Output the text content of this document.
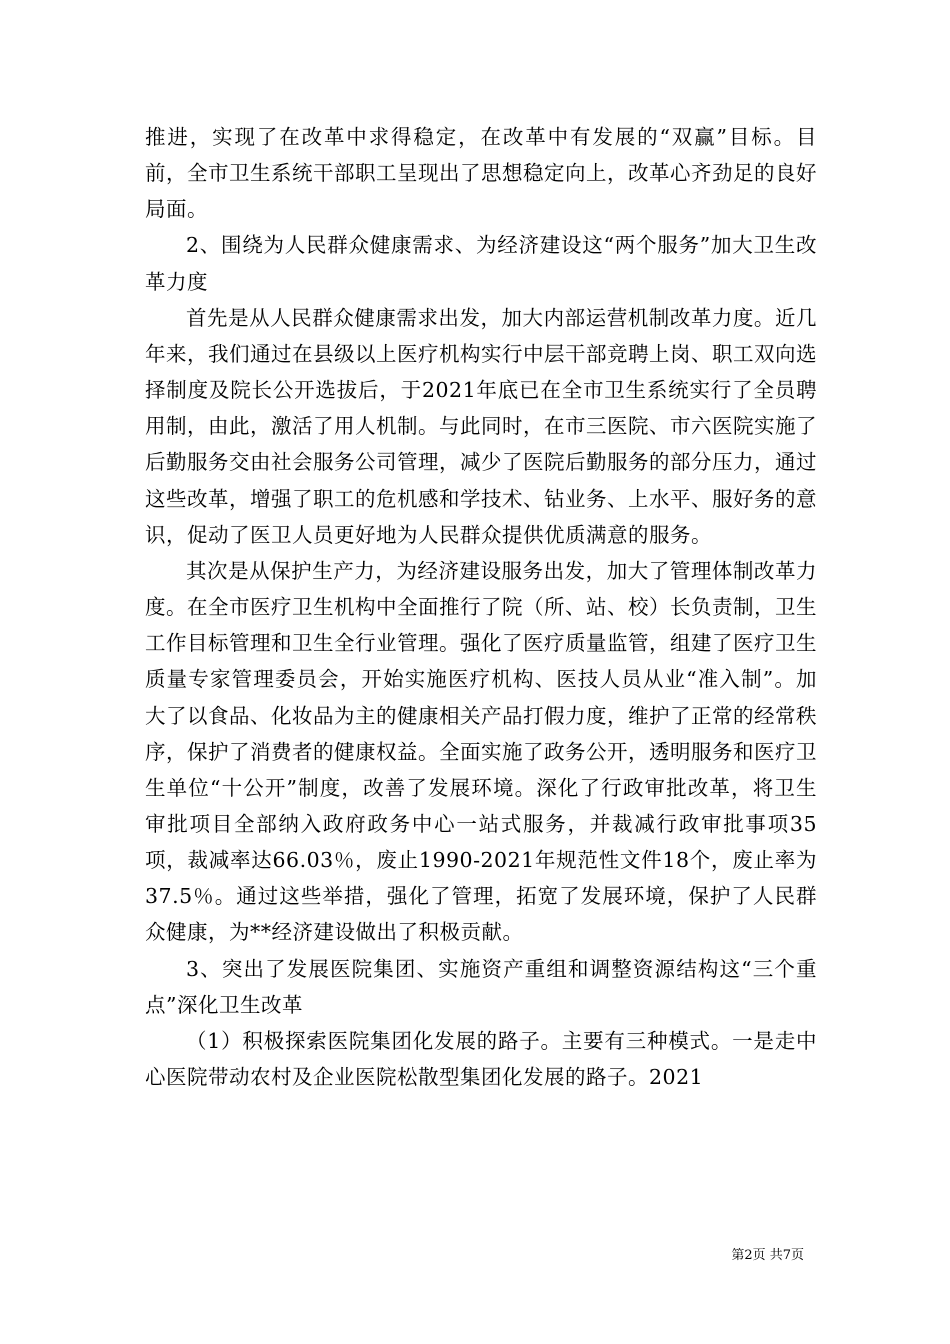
推进，实现了在改革中求得稳定，在改革中有发展的“双赢”目标。目前，全市卫生系统干部职工呈现出了思想稳定向上，改革心齐劲足的良好局面。

2、围绕为人民群众健康需求、为经济建设这“两个服务”加大卫生改革力度

首先是从人民群众健康需求出发，加大内部运营机制改革力度。近几年来，我们通过在县级以上医疗机构实行中层干部竞聘上岗、职工双向选择制度及院长公开选拔后，于2021年底已在全市卫生系统实行了全员聘用制，由此，激活了用人机制。与此同时，在市三医院、市六医院实施了后勤服务交由社会服务公司管理，减少了医院后勤服务的部分压力，通过这些改革，增强了职工的危机感和学技术、钻业务、上水平、服好务的意识，促动了医卫人员更好地为人民群众提供优质满意的服务。

其次是从保护生产力，为经济建设服务出发，加大了管理体制改革力度。在全市医疗卫生机构中全面推行了院（所、站、校）长负责制，卫生工作目标管理和卫生全行业管理。强化了医疗质量监管，组建了医疗卫生质量专家管理委员会，开始实施医疗机构、医技人员从业“准入制”。加大了以食品、化妆品为主的健康相关产品打假力度，维护了正常的经常秩序，保护了消费者的健康权益。全面实施了政务公开，透明服务和医疗卫生单位“十公开”制度，改善了发展环境。深化了行政审批改革，将卫生审批项目全部纳入政府政务中心一站式服务，并裁减行政审批事项35项，裁减率达66.03％，废止1990-2021年规范性文件18个，废止率为37.5％。通过这些举措，强化了管理，拓宽了发展环境，保护了人民群众健康，为**经济建设做出了积极贡献。

3、突出了发展医院集团、实施资产重组和调整资源结构这“三个重点”深化卫生改革

（1）积极探索医院集团化发展的路子。主要有三种模式。一是走中心医院带动农村及企业医院松散型集团化发展的路子。2021

第2页 共7页
